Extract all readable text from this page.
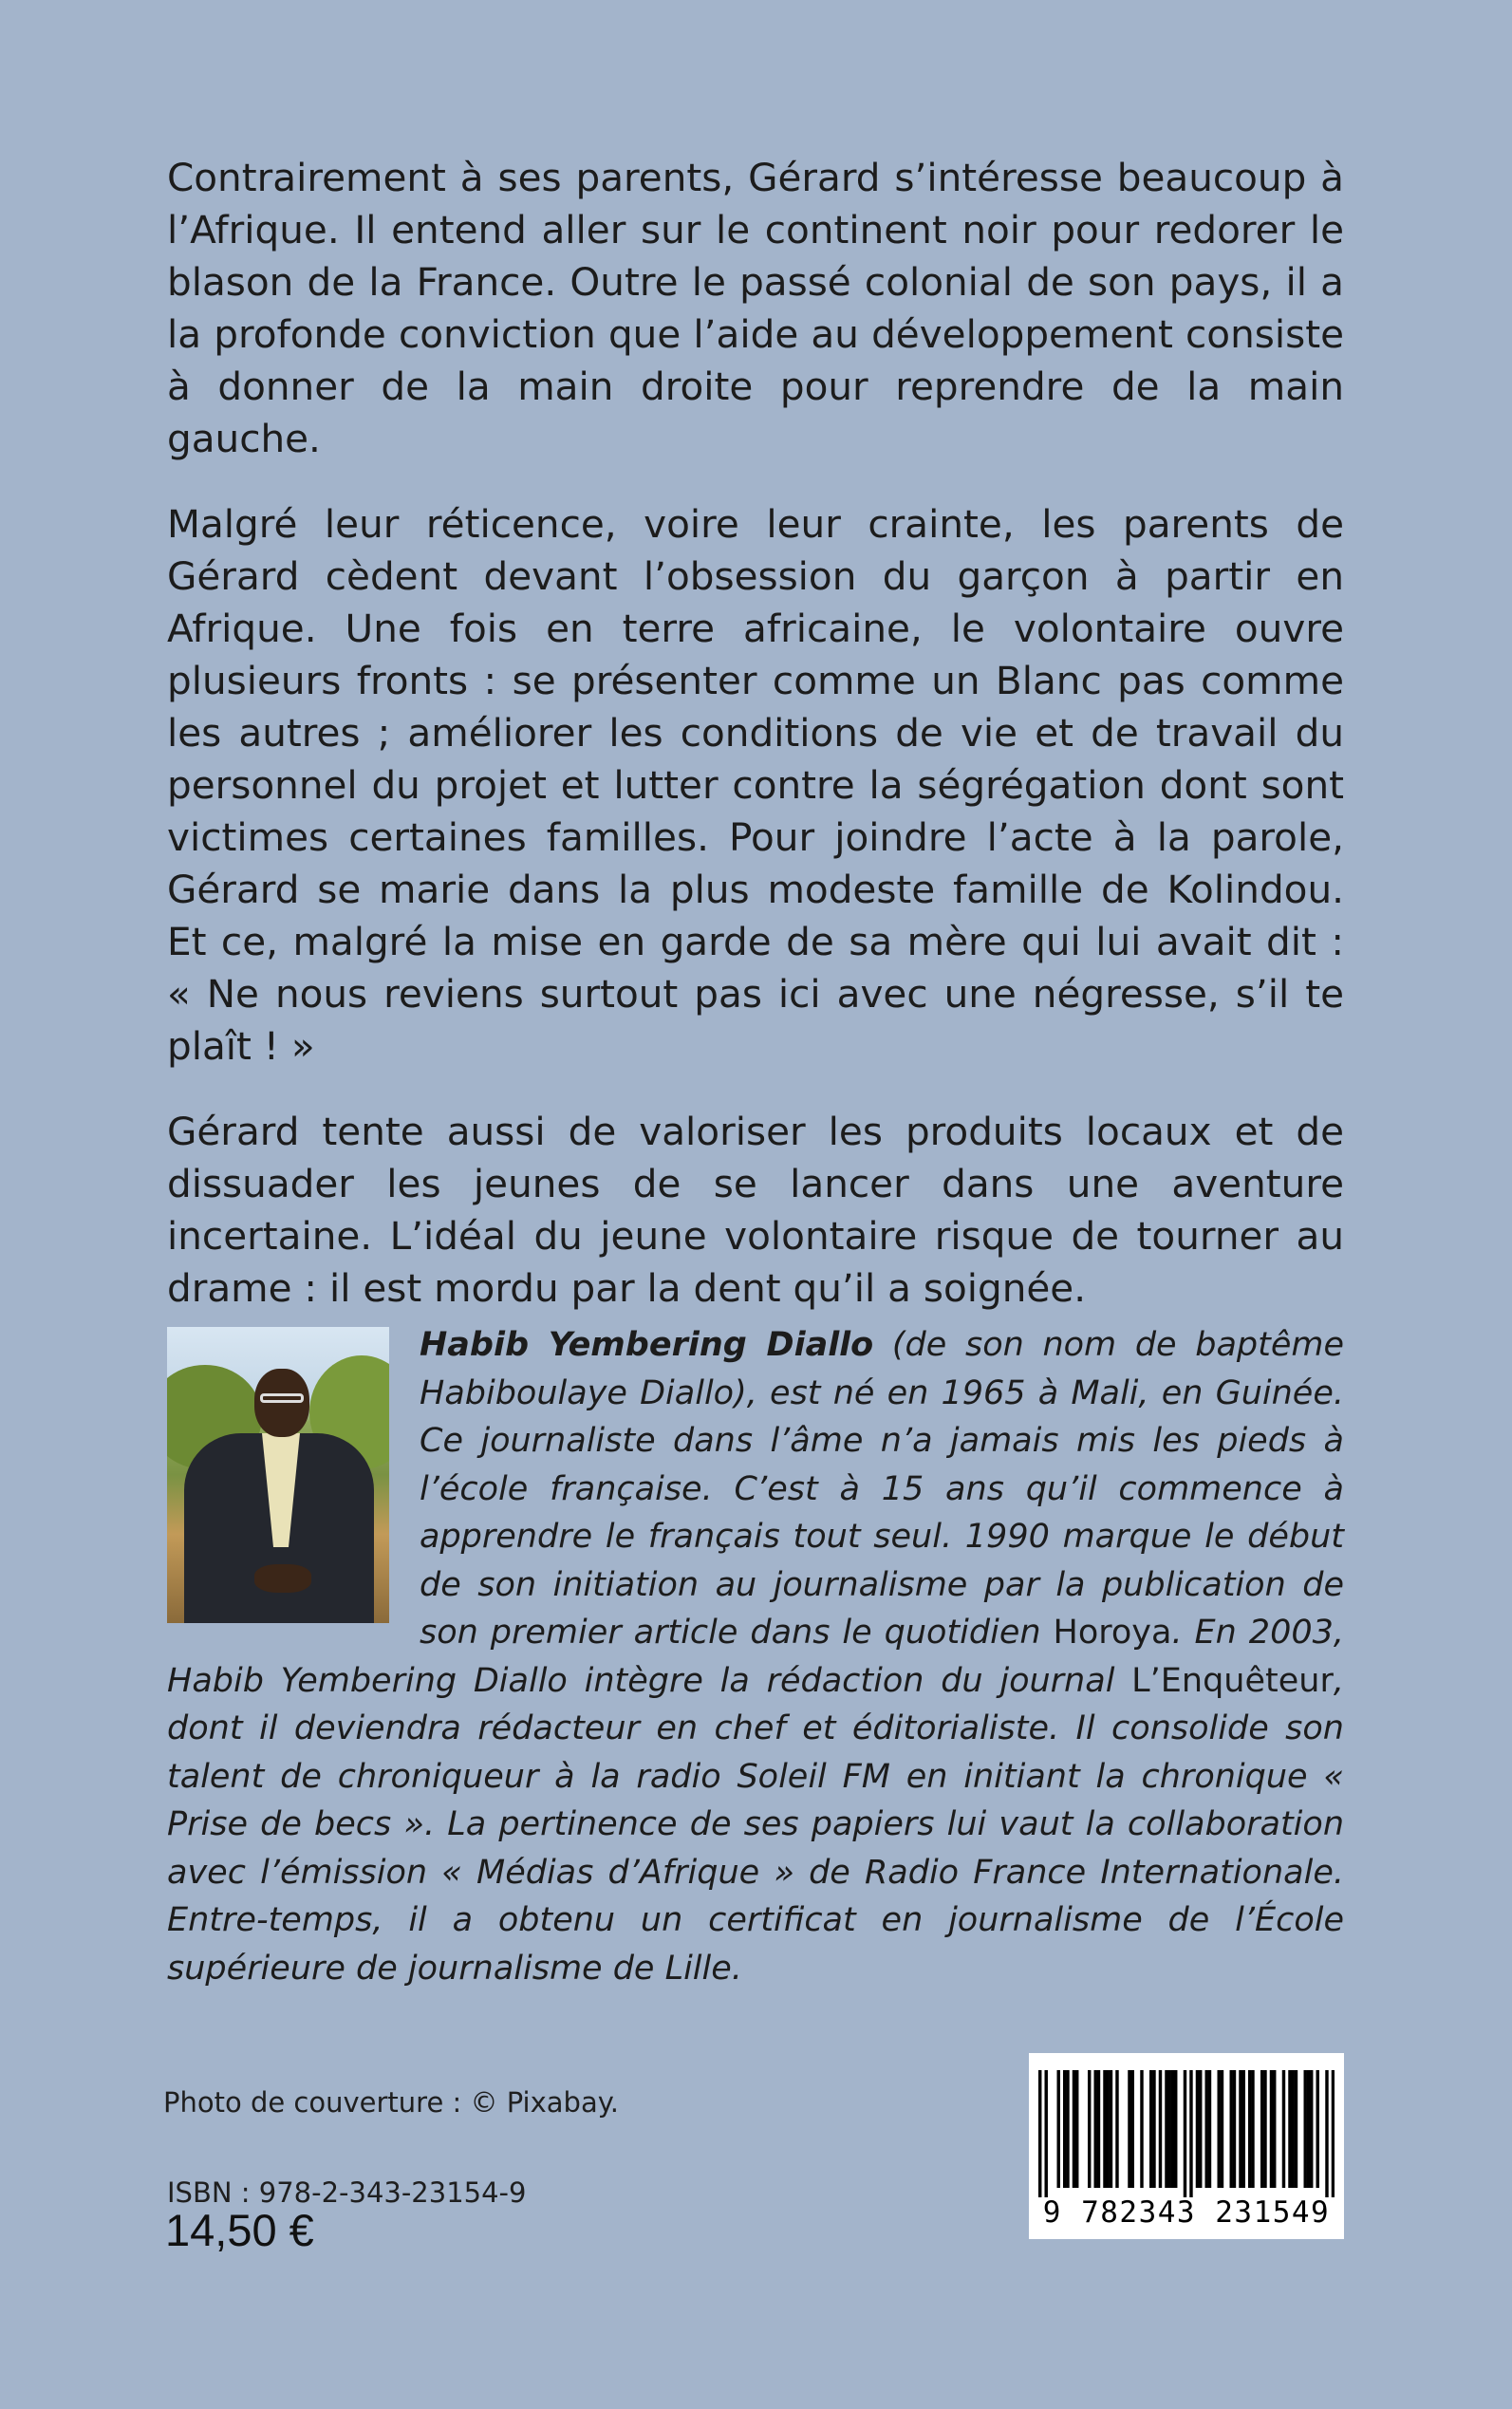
Contrairement à ses parents, Gérard s’intéresse beaucoup à l’Afrique. Il entend aller sur le continent noir pour redorer le blason de la France. Outre le passé colonial de son pays, il a la profonde conviction que l’aide au développement consiste à donner de la main droite pour reprendre de la main gauche.

Malgré leur réticence, voire leur crainte, les parents de Gérard cèdent devant l’obsession du garçon à partir en Afrique. Une fois en terre africaine, le volontaire ouvre plusieurs fronts : se présenter comme un Blanc pas comme les autres ; améliorer les conditions de vie et de travail du personnel du projet et lutter contre la ségrégation dont sont victimes certaines familles. Pour joindre l’acte à la parole, Gérard se marie dans la plus modeste famille de Kolindou. Et ce, malgré la mise en garde de sa mère qui lui avait dit : « Ne nous reviens surtout pas ici avec une négresse, s’il te plaît ! »

Gérard tente aussi de valoriser les produits locaux et de dissuader les jeunes de se lancer dans une aventure incertaine. L’idéal du jeune volontaire risque de tourner au drame : il est mordu par la dent qu’il a soignée.

Habib Yembering Diallo (de son nom de baptême Habiboulaye Diallo), est né en 1965 à Mali, en Guinée. Ce journaliste dans l’âme n’a jamais mis les pieds à l’école française. C’est à 15 ans qu’il commence à apprendre le français tout seul. 1990 marque le début de son initiation au journalisme par la publication de son premier article dans le quotidien Horoya. En 2003, Habib Yembering Diallo intègre la rédaction du journal L’Enquêteur, dont il deviendra rédacteur en chef et éditorialiste. Il consolide son talent de chroniqueur à la radio Soleil FM en initiant la chronique « Prise de becs ». La pertinence de ses papiers lui vaut la collaboration avec l’émission « Médias d’Afrique » de Radio France Internationale. Entre-temps, il a obtenu un certificat en journalisme de l’École supérieure de journalisme de Lille.
Photo de couverture : © Pixabay.
ISBN : 978-2-343-23154-9
14,50 €	9 782343 231549
